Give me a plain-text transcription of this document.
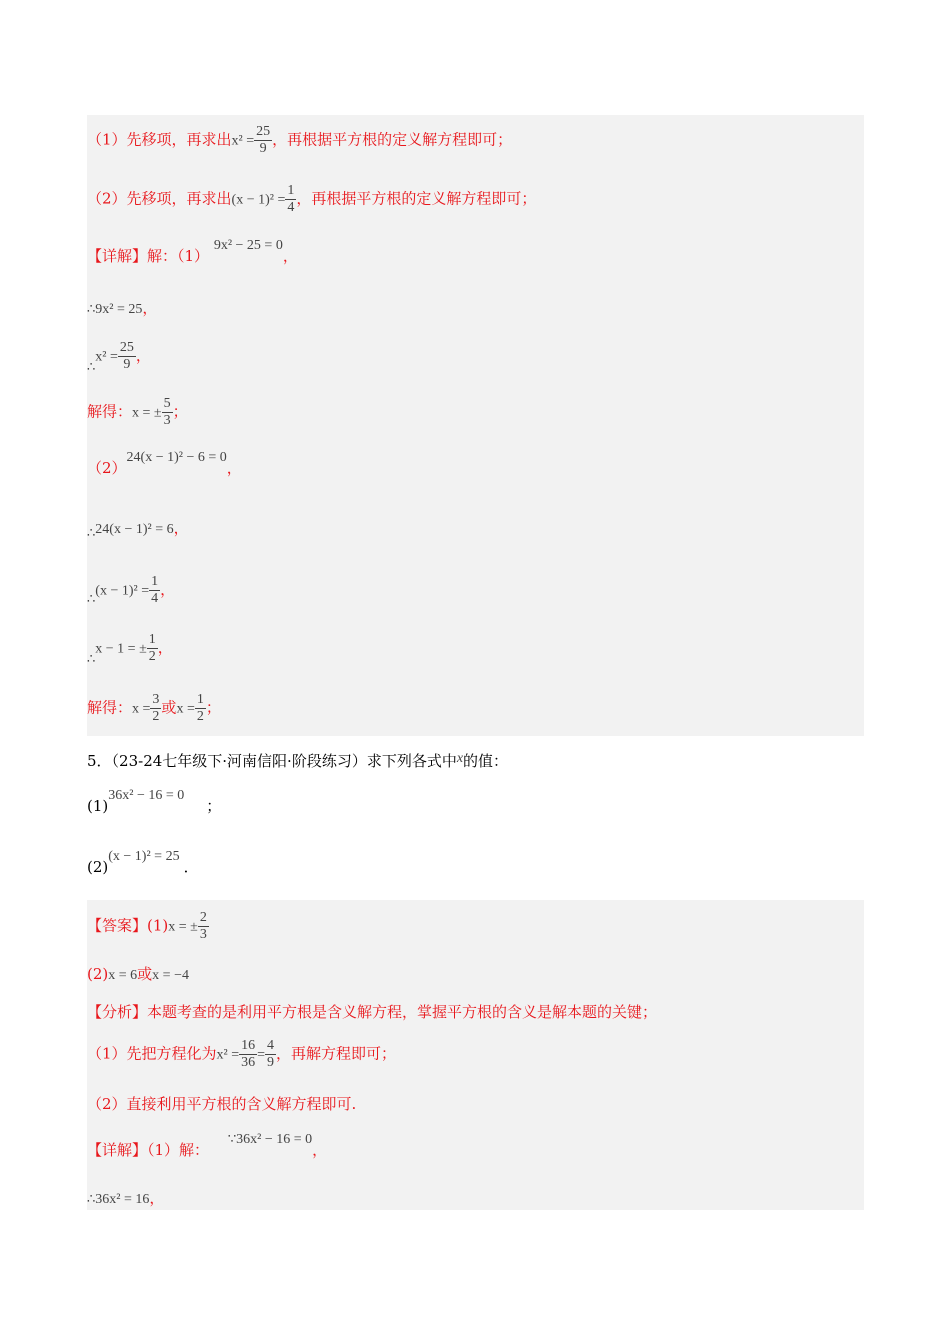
（1）先移项，再求出$x^2 = \frac{25}{9}$ ，再根据平方根的定义解方程即可；
（2）先移项，再求出$(x - 1)^2 = \frac{1}{4}$ ，再根据平方根的定义解方程即可；
【详解】解：（1） 9x² − 25 = 0，
∴9x² = 25，
∴x² = $\frac{25}{9}$ ，
解得：x = ± $\frac{5}{3}$ ；
（2）24(x − 1)² − 6 = 0，
∴24(x − 1)² = 6，
∴(x − $1)^2 = \frac{1}{4}$ ，
∴x − 1 = ± $\frac{1}{2}$ ，
解得：$x = \frac{3}{2}$ 或$x = \frac{1}{2}$ ；
5．（23-24七年级下·河南信阳·阶段练习）求下列各式中x的值：
(1)36x² − 16 = 0；
(2)(x − 1)² = 25．
【答案】(1)x = ± $\frac{2}{3}$
(2)x = 6或x = −4
【分析】本题考查的是利用平方根是含义解方程，掌握平方根的含义是解本题的关键；
（1）先把方程化为$x^2 = \frac{16}{36} = \frac{4}{9}$ ，再解方程即可；
（2）直接利用平方根的含义解方程即可.
【详解】（1）解： ∵36x² − 16 = 0，
∴36x² = 16，
